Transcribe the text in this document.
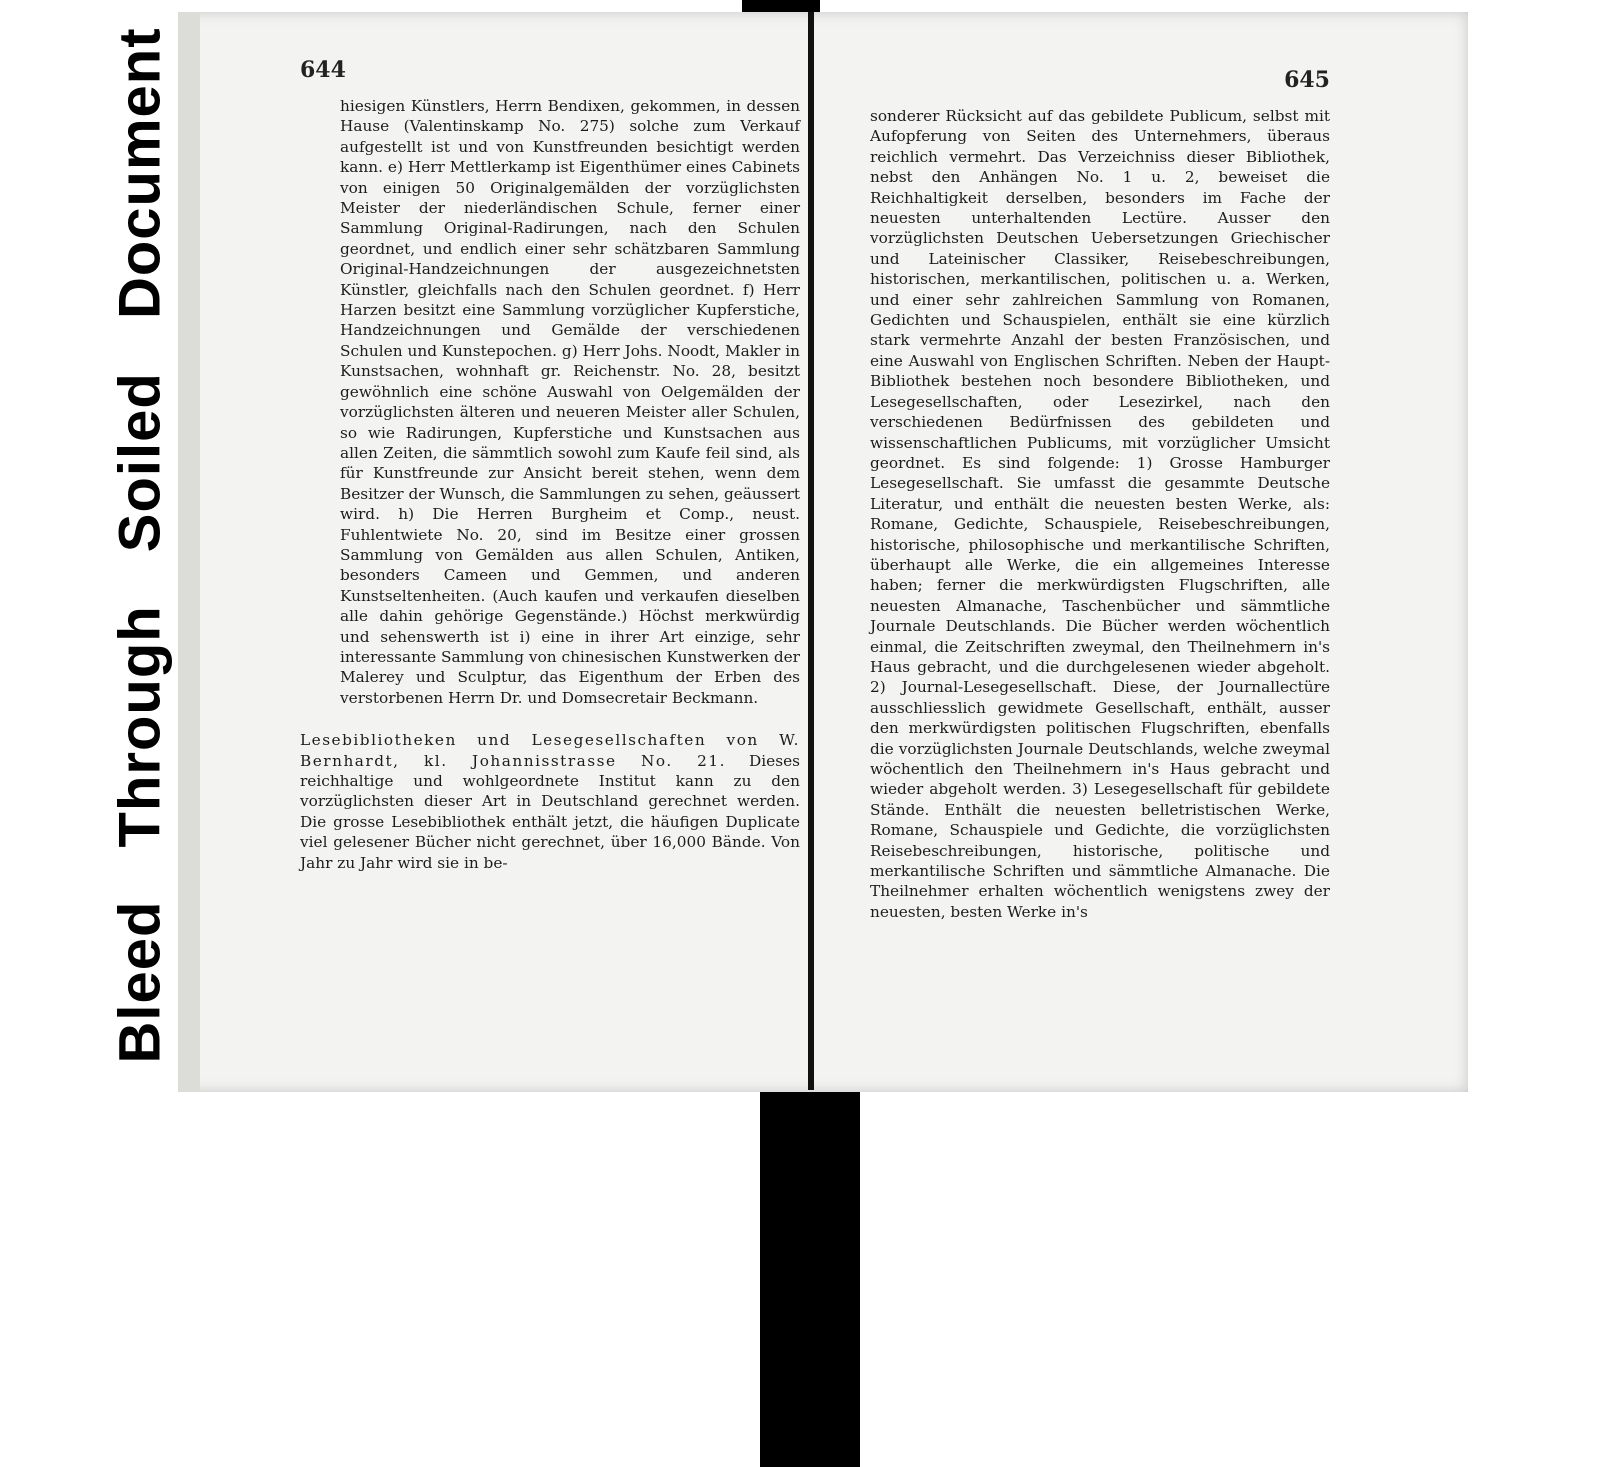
Bleed Through Soiled Document	644

hiesigen Künstlers, Herrn Bendixen, gekommen, in dessen Hause (Valentinskamp No. 275) solche zum Verkauf aufgestellt ist und von Kunstfreunden besichtigt werden kann. e) Herr Mettlerkamp ist Eigenthümer eines Cabinets von einigen 50 Originalgemälden der vorzüglichsten Meister der niederländischen Schule, ferner einer Sammlung Original-Radirungen, nach den Schulen geordnet, und endlich einer sehr schätzbaren Sammlung Original-Handzeichnungen der ausgezeichnetsten Künstler, gleichfalls nach den Schulen geordnet. f) Herr Harzen besitzt eine Sammlung vorzüglicher Kupferstiche, Handzeichnungen und Gemälde der verschiedenen Schulen und Kunstepochen. g) Herr Johs. Noodt, Makler in Kunstsachen, wohnhaft gr. Reichenstr. No. 28, besitzt gewöhnlich eine schöne Auswahl von Oelgemälden der vorzüglichsten älteren und neueren Meister aller Schulen, so wie Radirungen, Kupferstiche und Kunstsachen aus allen Zeiten, die sämmtlich sowohl zum Kaufe feil sind, als für Kunstfreunde zur Ansicht bereit stehen, wenn dem Besitzer der Wunsch, die Sammlungen zu sehen, geäussert wird. h) Die Herren Burgheim et Comp., neust. Fuhlentwiete No. 20, sind im Besitze einer grossen Sammlung von Gemälden aus allen Schulen, Antiken, besonders Cameen und Gemmen, und anderen Kunstseltenheiten. (Auch kaufen und verkaufen dieselben alle dahin gehörige Gegenstände.) Höchst merkwürdig und sehenswerth ist i) eine in ihrer Art einzige, sehr interessante Sammlung von chinesischen Kunstwerken der Malerey und Sculptur, das Eigenthum der Erben des verstorbenen Herrn Dr. und Domsecretair Beckmann.

Lesebibliotheken und Lesegesellschaften von W. Bernhardt, kl. Johannisstrasse No. 21. Dieses reichhaltige und wohlgeordnete Institut kann zu den vorzüglichsten dieser Art in Deutschland gerechnet werden. Die grosse Lesebibliothek enthält jetzt, die häufigen Duplicate viel gelesener Bücher nicht gerechnet, über 16,000 Bände. Von Jahr zu Jahr wird sie in be-

645

sonderer Rücksicht auf das gebildete Publicum, selbst mit Aufopferung von Seiten des Unternehmers, überaus reichlich vermehrt. Das Verzeichniss dieser Bibliothek, nebst den Anhängen No. 1 u. 2, beweiset die Reichhaltigkeit derselben, besonders im Fache der neuesten unterhaltenden Lectüre. Ausser den vorzüglichsten Deutschen Uebersetzungen Griechischer und Lateinischer Classiker, Reisebeschreibungen, historischen, merkantilischen, politischen u. a. Werken, und einer sehr zahlreichen Sammlung von Romanen, Gedichten und Schauspielen, enthält sie eine kürzlich stark vermehrte Anzahl der besten Französischen, und eine Auswahl von Englischen Schriften. Neben der Haupt-Bibliothek bestehen noch besondere Bibliotheken, und Lesegesellschaften, oder Lesezirkel, nach den verschiedenen Bedürfnissen des gebildeten und wissenschaftlichen Publicums, mit vorzüglicher Umsicht geordnet. Es sind folgende: 1) Grosse Hamburger Lesegesellschaft. Sie umfasst die gesammte Deutsche Literatur, und enthält die neuesten besten Werke, als: Romane, Gedichte, Schauspiele, Reisebeschreibungen, historische, philosophische und merkantilische Schriften, überhaupt alle Werke, die ein allgemeines Interesse haben; ferner die merkwürdigsten Flugschriften, alle neuesten Almanache, Taschenbücher und sämmtliche Journale Deutschlands. Die Bücher werden wöchentlich einmal, die Zeitschriften zweymal, den Theilnehmern in's Haus gebracht, und die durchgelesenen wieder abgeholt. 2) Journal-Lesegesellschaft. Diese, der Journallectüre ausschliesslich gewidmete Gesellschaft, enthält, ausser den merkwürdigsten politischen Flugschriften, ebenfalls die vorzüglichsten Journale Deutschlands, welche zweymal wöchentlich den Theilnehmern in's Haus gebracht und wieder abgeholt werden. 3) Lesegesellschaft für gebildete Stände. Enthält die neuesten belletristischen Werke, Romane, Schauspiele und Gedichte, die vorzüglichsten Reisebeschreibungen, historische, politische und merkantilische Schriften und sämmtliche Almanache. Die Theilnehmer erhalten wöchentlich wenigstens zwey der neuesten, besten Werke in's
